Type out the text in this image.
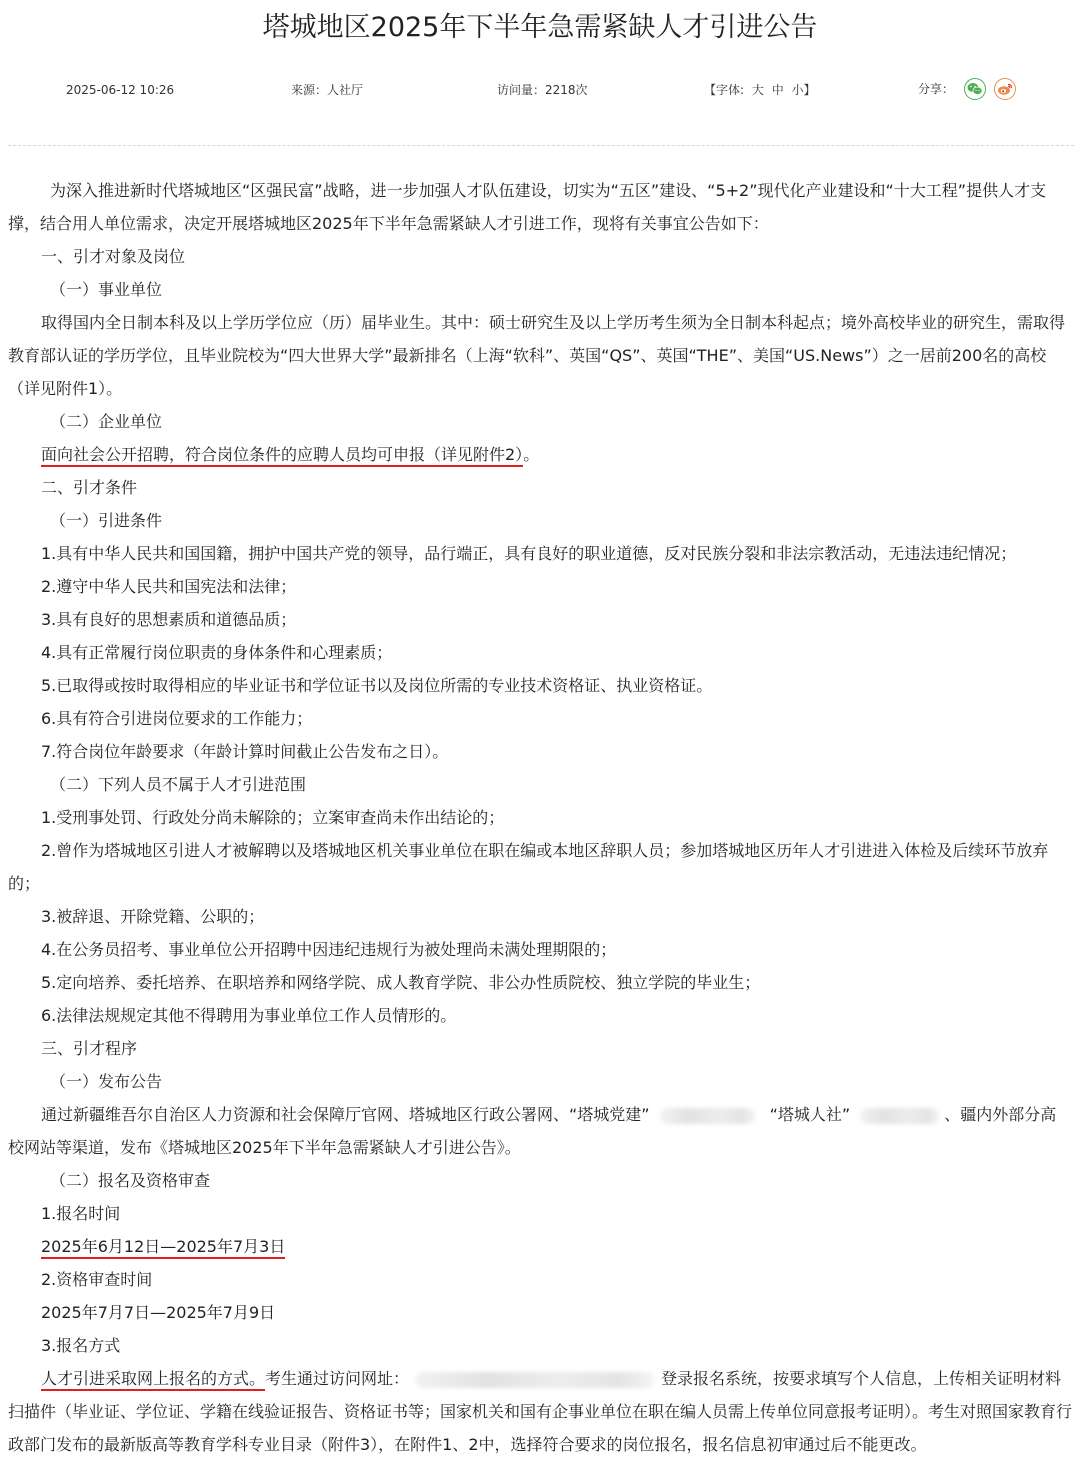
塔城地区2025年下半年急需紧缺人才引进公告
2025-06-12 10:26	来源：人社厅	访问量：2218次	【字体: 大 中 小】	分享：

为深入推进新时代塔城地区“区强民富”战略，进一步加强人才队伍建设，切实为“五区”建设、“5+2”现代化产业建设和“十大工程”提供人才支撑，结合用人单位需求，决定开展塔城地区2025年下半年急需紧缺人才引进工作，现将有关事宜公告如下：

一、引才对象及岗位

（一）事业单位

取得国内全日制本科及以上学历学位应（历）届毕业生。其中：硕士研究生及以上学历考生须为全日制本科起点；境外高校毕业的研究生，需取得教育部认证的学历学位，且毕业院校为“四大世界大学”最新排名（上海“软科”、英国“QS”、英国“THE”、美国“US.News”）之一居前200名的高校（详见附件1）。

（二）企业单位

面向社会公开招聘，符合岗位条件的应聘人员均可申报（详见附件2）。

二、引才条件

（一）引进条件

1.具有中华人民共和国国籍，拥护中国共产党的领导，品行端正，具有良好的职业道德，反对民族分裂和非法宗教活动，无违法违纪情况；

2.遵守中华人民共和国宪法和法律；

3.具有良好的思想素质和道德品质；

4.具有正常履行岗位职责的身体条件和心理素质；

5.已取得或按时取得相应的毕业证书和学位证书以及岗位所需的专业技术资格证、执业资格证。

6.具有符合引进岗位要求的工作能力；

7.符合岗位年龄要求（年龄计算时间截止公告发布之日）。

（二）下列人员不属于人才引进范围

1.受刑事处罚、行政处分尚未解除的；立案审查尚未作出结论的；

2.曾作为塔城地区引进人才被解聘以及塔城地区机关事业单位在职在编或本地区辞职人员；参加塔城地区历年人才引进进入体检及后续环节放弃的；

3.被辞退、开除党籍、公职的；

4.在公务员招考、事业单位公开招聘中因违纪违规行为被处理尚未满处理期限的；

5.定向培养、委托培养、在职培养和网络学院、成人教育学院、非公办性质院校、独立学院的毕业生；

6.法律法规规定其他不得聘用为事业单位工作人员情形的。

三、引才程序

（一）发布公告

通过新疆维吾尔自治区人力资源和社会保障厅官网、塔城地区行政公署网、“塔城党建”	“塔城人社”	、疆内外部分高校网站等渠道，发布《塔城地区2025年下半年急需紧缺人才引进公告》。

（二）报名及资格审查

1.报名时间

2025年6月12日—2025年7月3日

2.资格审查时间

2025年7月7日—2025年7月9日

3.报名方式

人才引进采取网上报名的方式。考生通过访问网址：	登录报名系统，按要求填写个人信息，上传相关证明材料扫描件（毕业证、学位证、学籍在线验证报告、资格证书等；国家机关和国有企事业单位在职在编人员需上传单位同意报考证明）。考生对照国家教育行政部门发布的最新版高等教育学科专业目录（附件3），在附件1、2中，选择符合要求的岗位报名，报名信息初审通过后不能更改。
